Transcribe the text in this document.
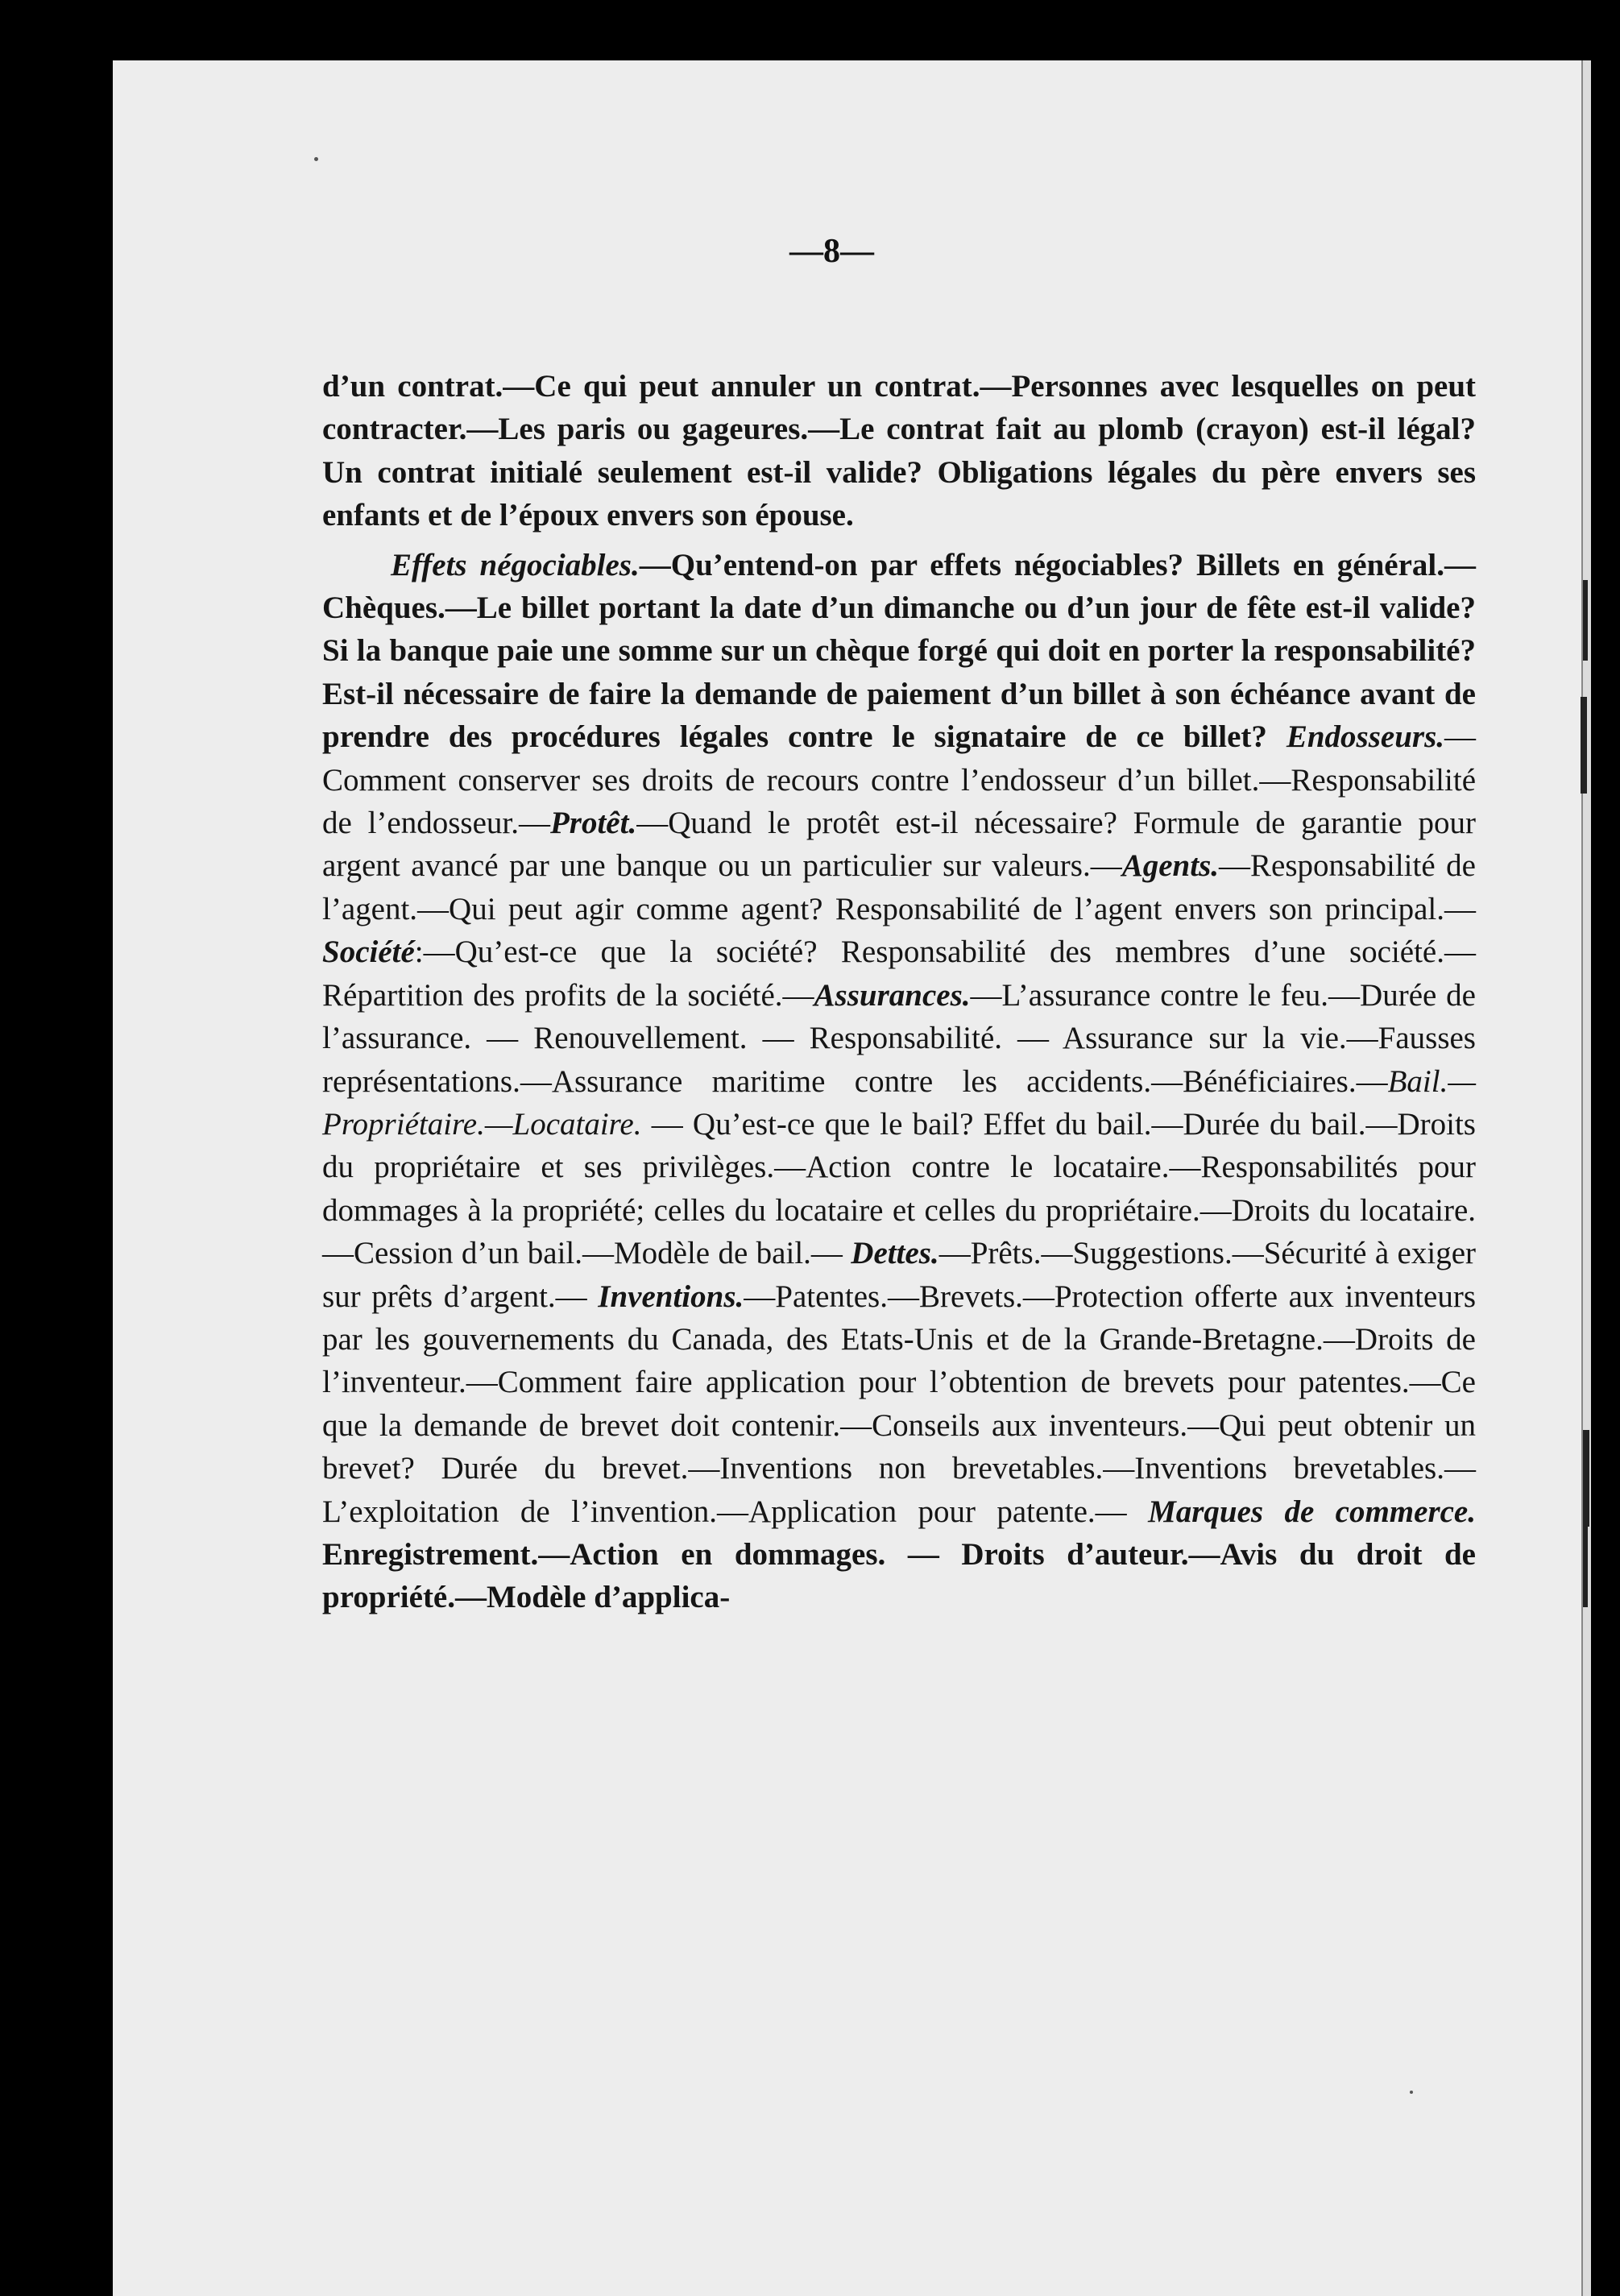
—8—

d’un contrat.—Ce qui peut annuler un contrat.—Personnes avec lesquelles on peut contracter.—Les paris ou gageures.—Le contrat fait au plomb (crayon) est-il légal? Un contrat initialé seulement est-il valide? Obligations légales du père envers ses enfants et de l’époux envers son épouse.

Effets négociables.—Qu’entend-on par effets négociables? Billets en général.—Chèques.—Le billet portant la date d’un dimanche ou d’un jour de fête est-il valide? Si la banque paie une somme sur un chèque forgé qui doit en porter la responsabilité? Est-il nécessaire de faire la demande de paiement d’un billet à son échéance avant de prendre des procédures légales contre le signataire de ce billet? Endosseurs.—Comment conserver ses droits de recours contre l’endosseur d’un billet.—Responsabilité de l’endosseur.—Protêt.—Quand le protêt est-il nécessaire? Formule de garantie pour argent avancé par une banque ou un particulier sur valeurs.—Agents.—Responsabilité de l’agent.—Qui peut agir comme agent? Responsabilité de l’agent envers son principal.—Société:—Qu’est-ce que la société? Responsabilité des membres d’une société.—Répartition des profits de la société.—Assurances.—L’assurance contre le feu.—Durée de l’assurance. — Renouvellement. — Responsabilité. — Assurance sur la vie.—Fausses représentations.—Assurance maritime contre les accidents.—Bénéficiaires.—Bail.—Propriétaire.—Locataire. — Qu’est-ce que le bail? Effet du bail.—Durée du bail.—Droits du propriétaire et ses privilèges.—Action contre le locataire.—Responsabilités pour dommages à la propriété; celles du locataire et celles du propriétaire.—Droits du locataire.—Cession d’un bail.—Modèle de bail.— Dettes.—Prêts.—Suggestions.—Sécurité à exiger sur prêts d’argent.— Inventions.—Patentes.—Brevets.—Protection offerte aux inventeurs par les gouvernements du Canada, des Etats-Unis et de la Grande-Bretagne.—Droits de l’inventeur.—Comment faire application pour l’obtention de brevets pour patentes.—Ce que la demande de brevet doit contenir.—Conseils aux inventeurs.—Qui peut obtenir un brevet? Durée du brevet.—Inventions non brevetables.—Inventions brevetables.—L’exploitation de l’invention.—Application pour patente.— Marques de commerce. Enregistrement.—Action en dommages. — Droits d’auteur.—Avis du droit de propriété.—Modèle d’applica-
